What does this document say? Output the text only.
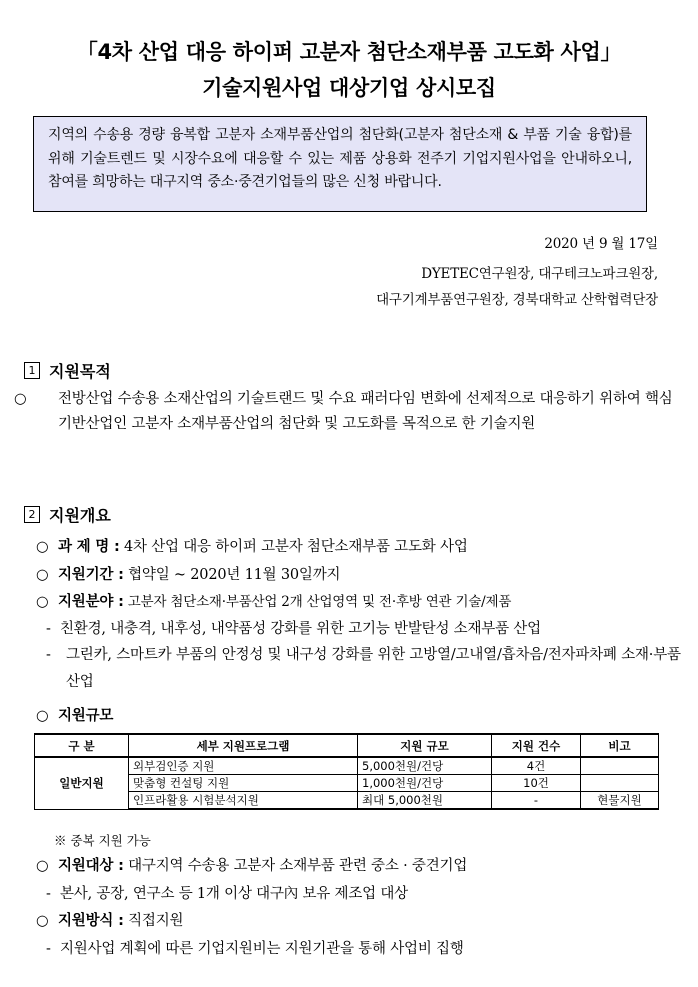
「4차 산업 대응 하이퍼 고분자 첨단소재부품 고도화 사업」
기술지원사업 대상기업 상시모집
지역의 수송용 경량 융복합 고분자 소재부품산업의 첨단화(고분자 첨단소재 & 부품 기술 융합)를 위해 기술트렌드 및 시장수요에 대응할 수 있는 제품 상용화 전주기 기업지원사업을 안내하오니, 참여를 희망하는 대구지역 중소·중견기업들의 많은 신청 바랍니다.
2020 년 9 월 17일
DYETEC연구원장, 대구테크노파크원장,
대구기계부품연구원장, 경북대학교 산학협력단장
1 지원목적
○ 전방산업 수송용 소재산업의 기술트랜드 및 수요 패러다임 변화에 선제적으로 대응하기 위하여 핵심 기반산업인 고분자 소재부품산업의 첨단화 및 고도화를 목적으로 한 기술지원
2 지원개요
○ 과 제 명 : 4차 산업 대응 하이퍼 고분자 첨단소재부품 고도화 사업
○ 지원기간 : 협약일 ~ 2020년 11월 30일까지
○ 지원분야 : 고분자 첨단소재·부품산업 2개 산업영역 및 전·후방 연관 기술/제품
- 친환경, 내충격, 내후성, 내약품성 강화를 위한 고기능 반발탄성 소재부품 산업
- 그린카, 스마트카 부품의 안정성 및 내구성 강화를 위한 고방열/고내열/흡차음/전자파차폐 소재·부품 산업
○ 지원규모
구 분	세부 지원프로그램	지원 규모	지원 건수	비고
일반지원	외부검인증 지원	5,000천원/건당	4건	
	맞춤형 컨설팅 지원	1,000천원/건당	10건	
	인프라활용 시험분석지원	최대 5,000천원	-	현물지원
※ 중복 지원 가능
○ 지원대상 : 대구지역 수송용 고분자 소재부품 관련 중소 · 중견기업
- 본사, 공장, 연구소 등 1개 이상 대구內 보유 제조업 대상
○ 지원방식 : 직접지원
- 지원사업 계획에 따른 기업지원비는 지원기관을 통해 사업비 집행
